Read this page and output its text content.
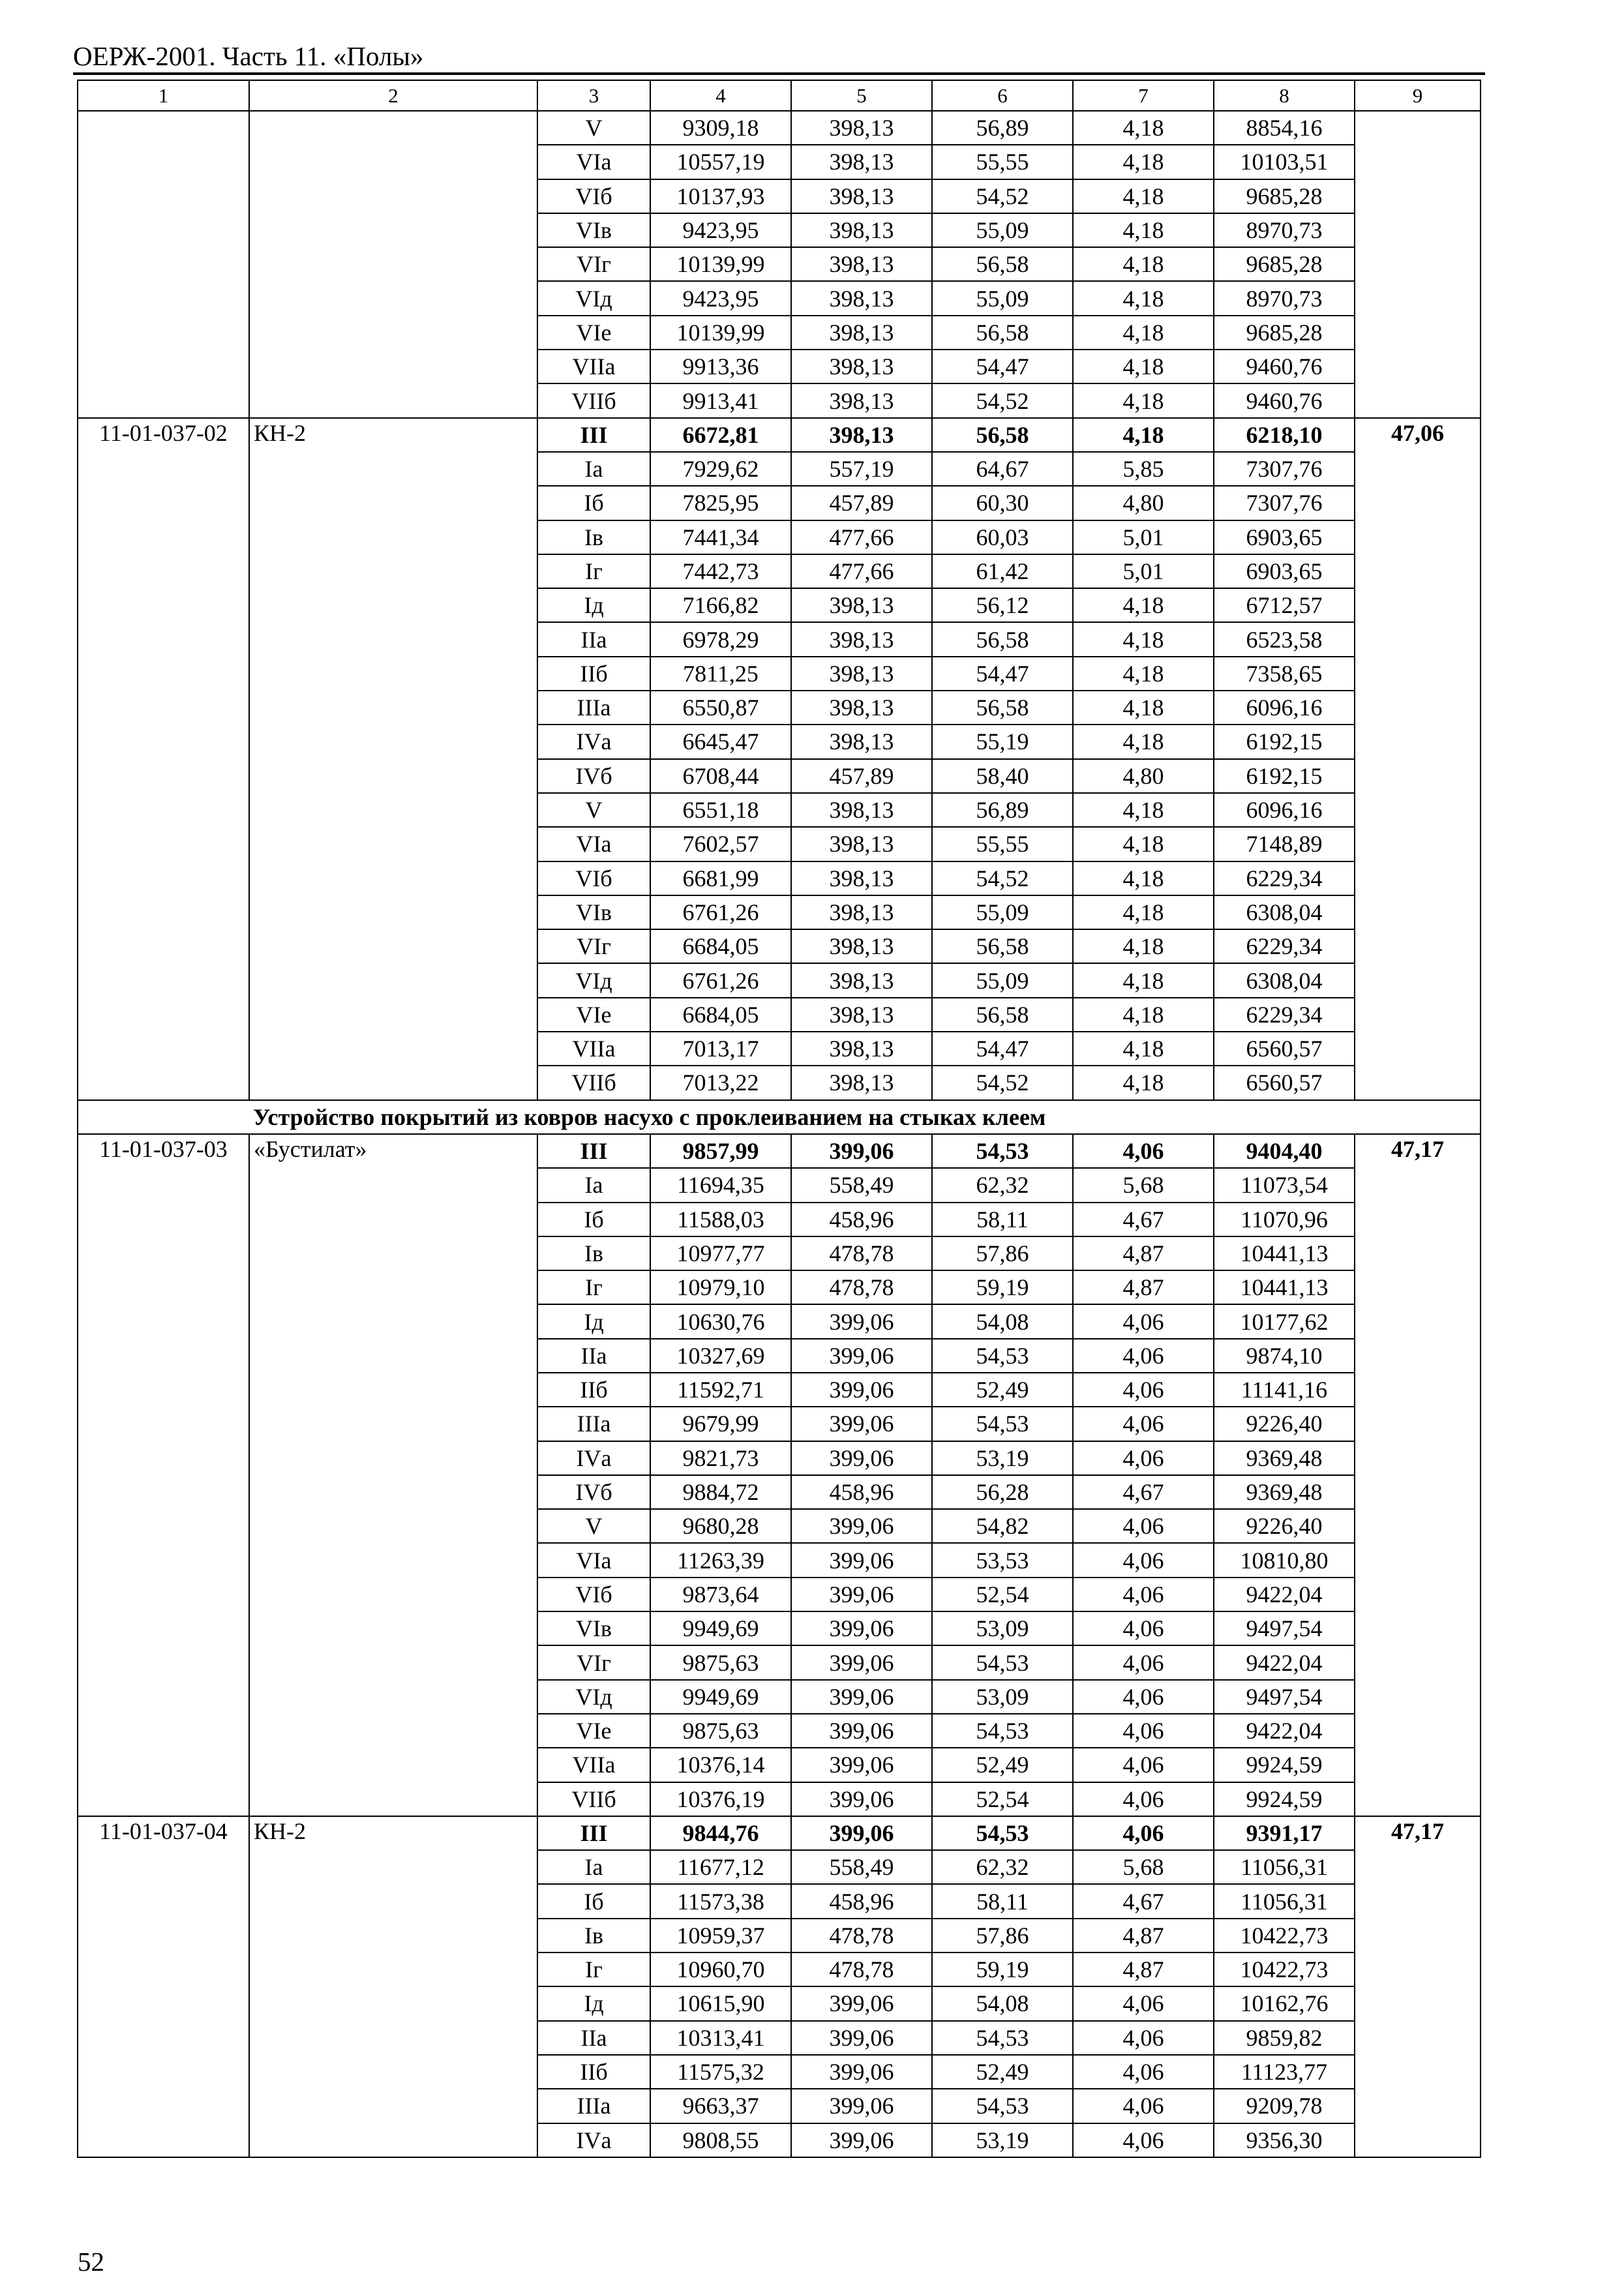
ОЕРЖ-2001. Часть 11. «Полы»
1	2	3	4	5	6	7	8	9
		V	9309,18	398,13	56,89	4,18	8854,16	
		VIа	10557,19	398,13	55,55	4,18	10103,51	
		VIб	10137,93	398,13	54,52	4,18	9685,28	
		VIв	9423,95	398,13	55,09	4,18	8970,73	
		VIг	10139,99	398,13	56,58	4,18	9685,28	
		VIд	9423,95	398,13	55,09	4,18	8970,73	
		VIе	10139,99	398,13	56,58	4,18	9685,28	
		VIIа	9913,36	398,13	54,47	4,18	9460,76	
		VIIб	9913,41	398,13	54,52	4,18	9460,76	
11-01-037-02	КН-2	III	6672,81	398,13	56,58	4,18	6218,10	47,06
		Iа	7929,62	557,19	64,67	5,85	7307,76	
		Iб	7825,95	457,89	60,30	4,80	7307,76	
		Iв	7441,34	477,66	60,03	5,01	6903,65	
		Iг	7442,73	477,66	61,42	5,01	6903,65	
		Iд	7166,82	398,13	56,12	4,18	6712,57	
		IIа	6978,29	398,13	56,58	4,18	6523,58	
		IIб	7811,25	398,13	54,47	4,18	7358,65	
		IIIа	6550,87	398,13	56,58	4,18	6096,16	
		IVа	6645,47	398,13	55,19	4,18	6192,15	
		IVб	6708,44	457,89	58,40	4,80	6192,15	
		V	6551,18	398,13	56,89	4,18	6096,16	
		VIа	7602,57	398,13	55,55	4,18	7148,89	
		VIб	6681,99	398,13	54,52	4,18	6229,34	
		VIв	6761,26	398,13	55,09	4,18	6308,04	
		VIг	6684,05	398,13	56,58	4,18	6229,34	
		VIд	6761,26	398,13	55,09	4,18	6308,04	
		VIе	6684,05	398,13	56,58	4,18	6229,34	
		VIIа	7013,17	398,13	54,47	4,18	6560,57	
		VIIб	7013,22	398,13	54,52	4,18	6560,57	
Устройство покрытий из ковров насухо с проклеиванием на стыках клеем								
11-01-037-03	«Бустилат»	III	9857,99	399,06	54,53	4,06	9404,40	47,17
		Iа	11694,35	558,49	62,32	5,68	11073,54	
		Iб	11588,03	458,96	58,11	4,67	11070,96	
		Iв	10977,77	478,78	57,86	4,87	10441,13	
		Iг	10979,10	478,78	59,19	4,87	10441,13	
		Iд	10630,76	399,06	54,08	4,06	10177,62	
		IIа	10327,69	399,06	54,53	4,06	9874,10	
		IIб	11592,71	399,06	52,49	4,06	11141,16	
		IIIа	9679,99	399,06	54,53	4,06	9226,40	
		IVа	9821,73	399,06	53,19	4,06	9369,48	
		IVб	9884,72	458,96	56,28	4,67	9369,48	
		V	9680,28	399,06	54,82	4,06	9226,40	
		VIа	11263,39	399,06	53,53	4,06	10810,80	
		VIб	9873,64	399,06	52,54	4,06	9422,04	
		VIв	9949,69	399,06	53,09	4,06	9497,54	
		VIг	9875,63	399,06	54,53	4,06	9422,04	
		VIд	9949,69	399,06	53,09	4,06	9497,54	
		VIе	9875,63	399,06	54,53	4,06	9422,04	
		VIIа	10376,14	399,06	52,49	4,06	9924,59	
		VIIб	10376,19	399,06	52,54	4,06	9924,59	
11-01-037-04	КН-2	III	9844,76	399,06	54,53	4,06	9391,17	47,17
		Iа	11677,12	558,49	62,32	5,68	11056,31	
		Iб	11573,38	458,96	58,11	4,67	11056,31	
		Iв	10959,37	478,78	57,86	4,87	10422,73	
		Iг	10960,70	478,78	59,19	4,87	10422,73	
		Iд	10615,90	399,06	54,08	4,06	10162,76	
		IIа	10313,41	399,06	54,53	4,06	9859,82	
		IIб	11575,32	399,06	52,49	4,06	11123,77	
		IIIа	9663,37	399,06	54,53	4,06	9209,78	
		IVа	9808,55	399,06	53,19	4,06	9356,30	
52
